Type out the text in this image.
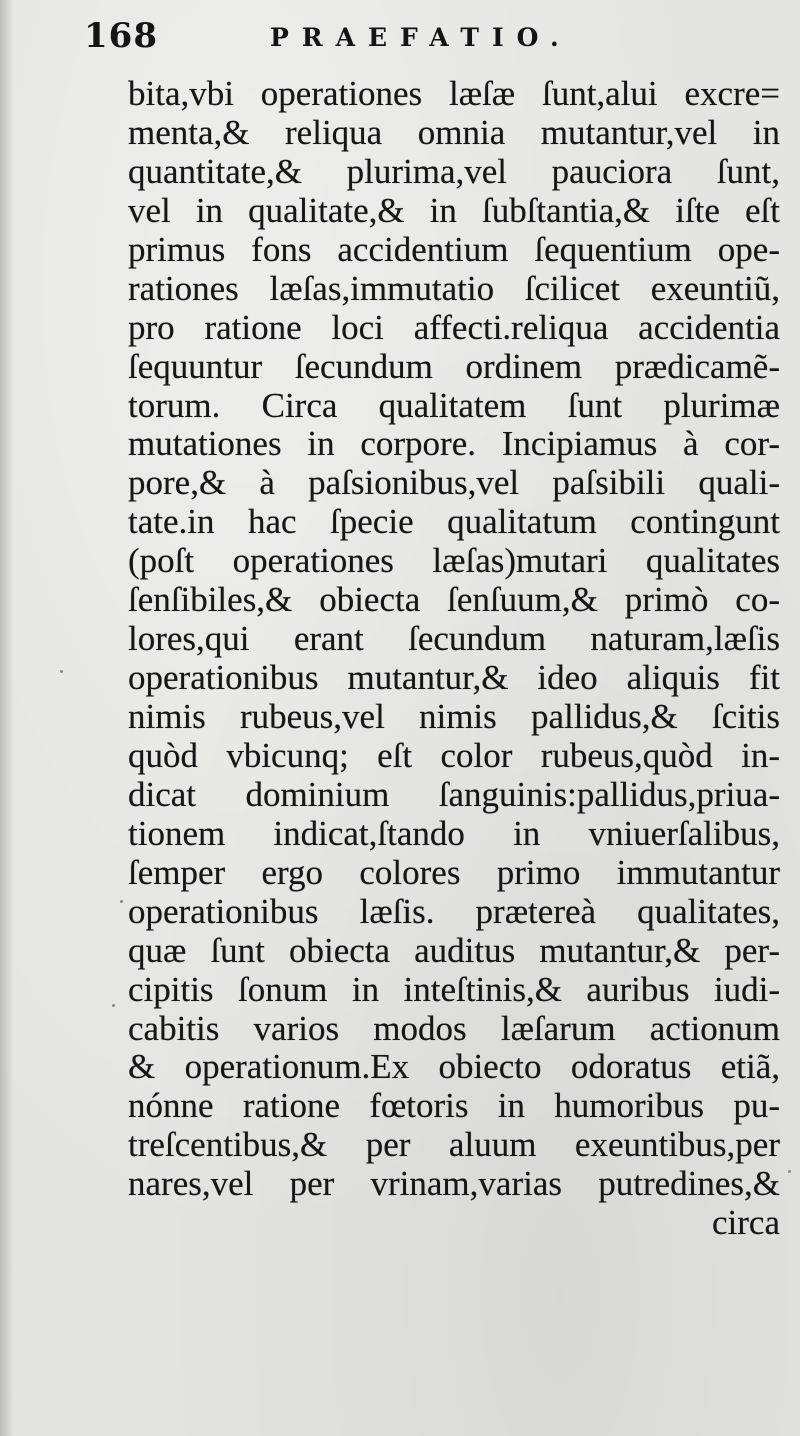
168	PRAEFATIO.
bita,vbi operationes læſæ ſunt,alui excre=
menta,& reliqua omnia mutantur,vel in
quantitate,& plurima,vel pauciora ſunt,
vel in qualitate,& in ſubſtantia,& iſte eſt
primus fons accidentium ſequentium ope-
rationes læſas,immutatio ſcilicet exeuntiũ,
pro ratione loci affecti.reliqua accidentia
ſequuntur ſecundum ordinem prædicamẽ-
torum. Circa qualitatem ſunt plurimæ
mutationes in corpore. Incipiamus à cor-
pore,& à paſsionibus,vel paſsibili quali-
tate.in hac ſpecie qualitatum contingunt
(poſt operationes læſas)mutari qualitates
ſenſibiles,& obiecta ſenſuum,& primò co-
lores,qui erant ſecundum naturam,læſis
operationibus mutantur,& ideo aliquis fit
nimis rubeus,vel nimis pallidus,& ſcitis
quòd vbicunq; eſt color rubeus,quòd in-
dicat dominium ſanguinis:pallidus,priua-
tionem indicat,ſtando in vniuerſalibus,
ſemper ergo colores primo immutantur
operationibus læſis. prætereà qualitates,
quæ ſunt obiecta auditus mutantur,& per-
cipitis ſonum in inteſtinis,& auribus iudi-
cabitis varios modos læſarum actionum
& operationum.Ex obiecto odoratus etiã,
nónne ratione fœtoris in humoribus pu-
treſcentibus,& per aluum exeuntibus,per
nares,vel per vrinam,varias putredines,&
circa
